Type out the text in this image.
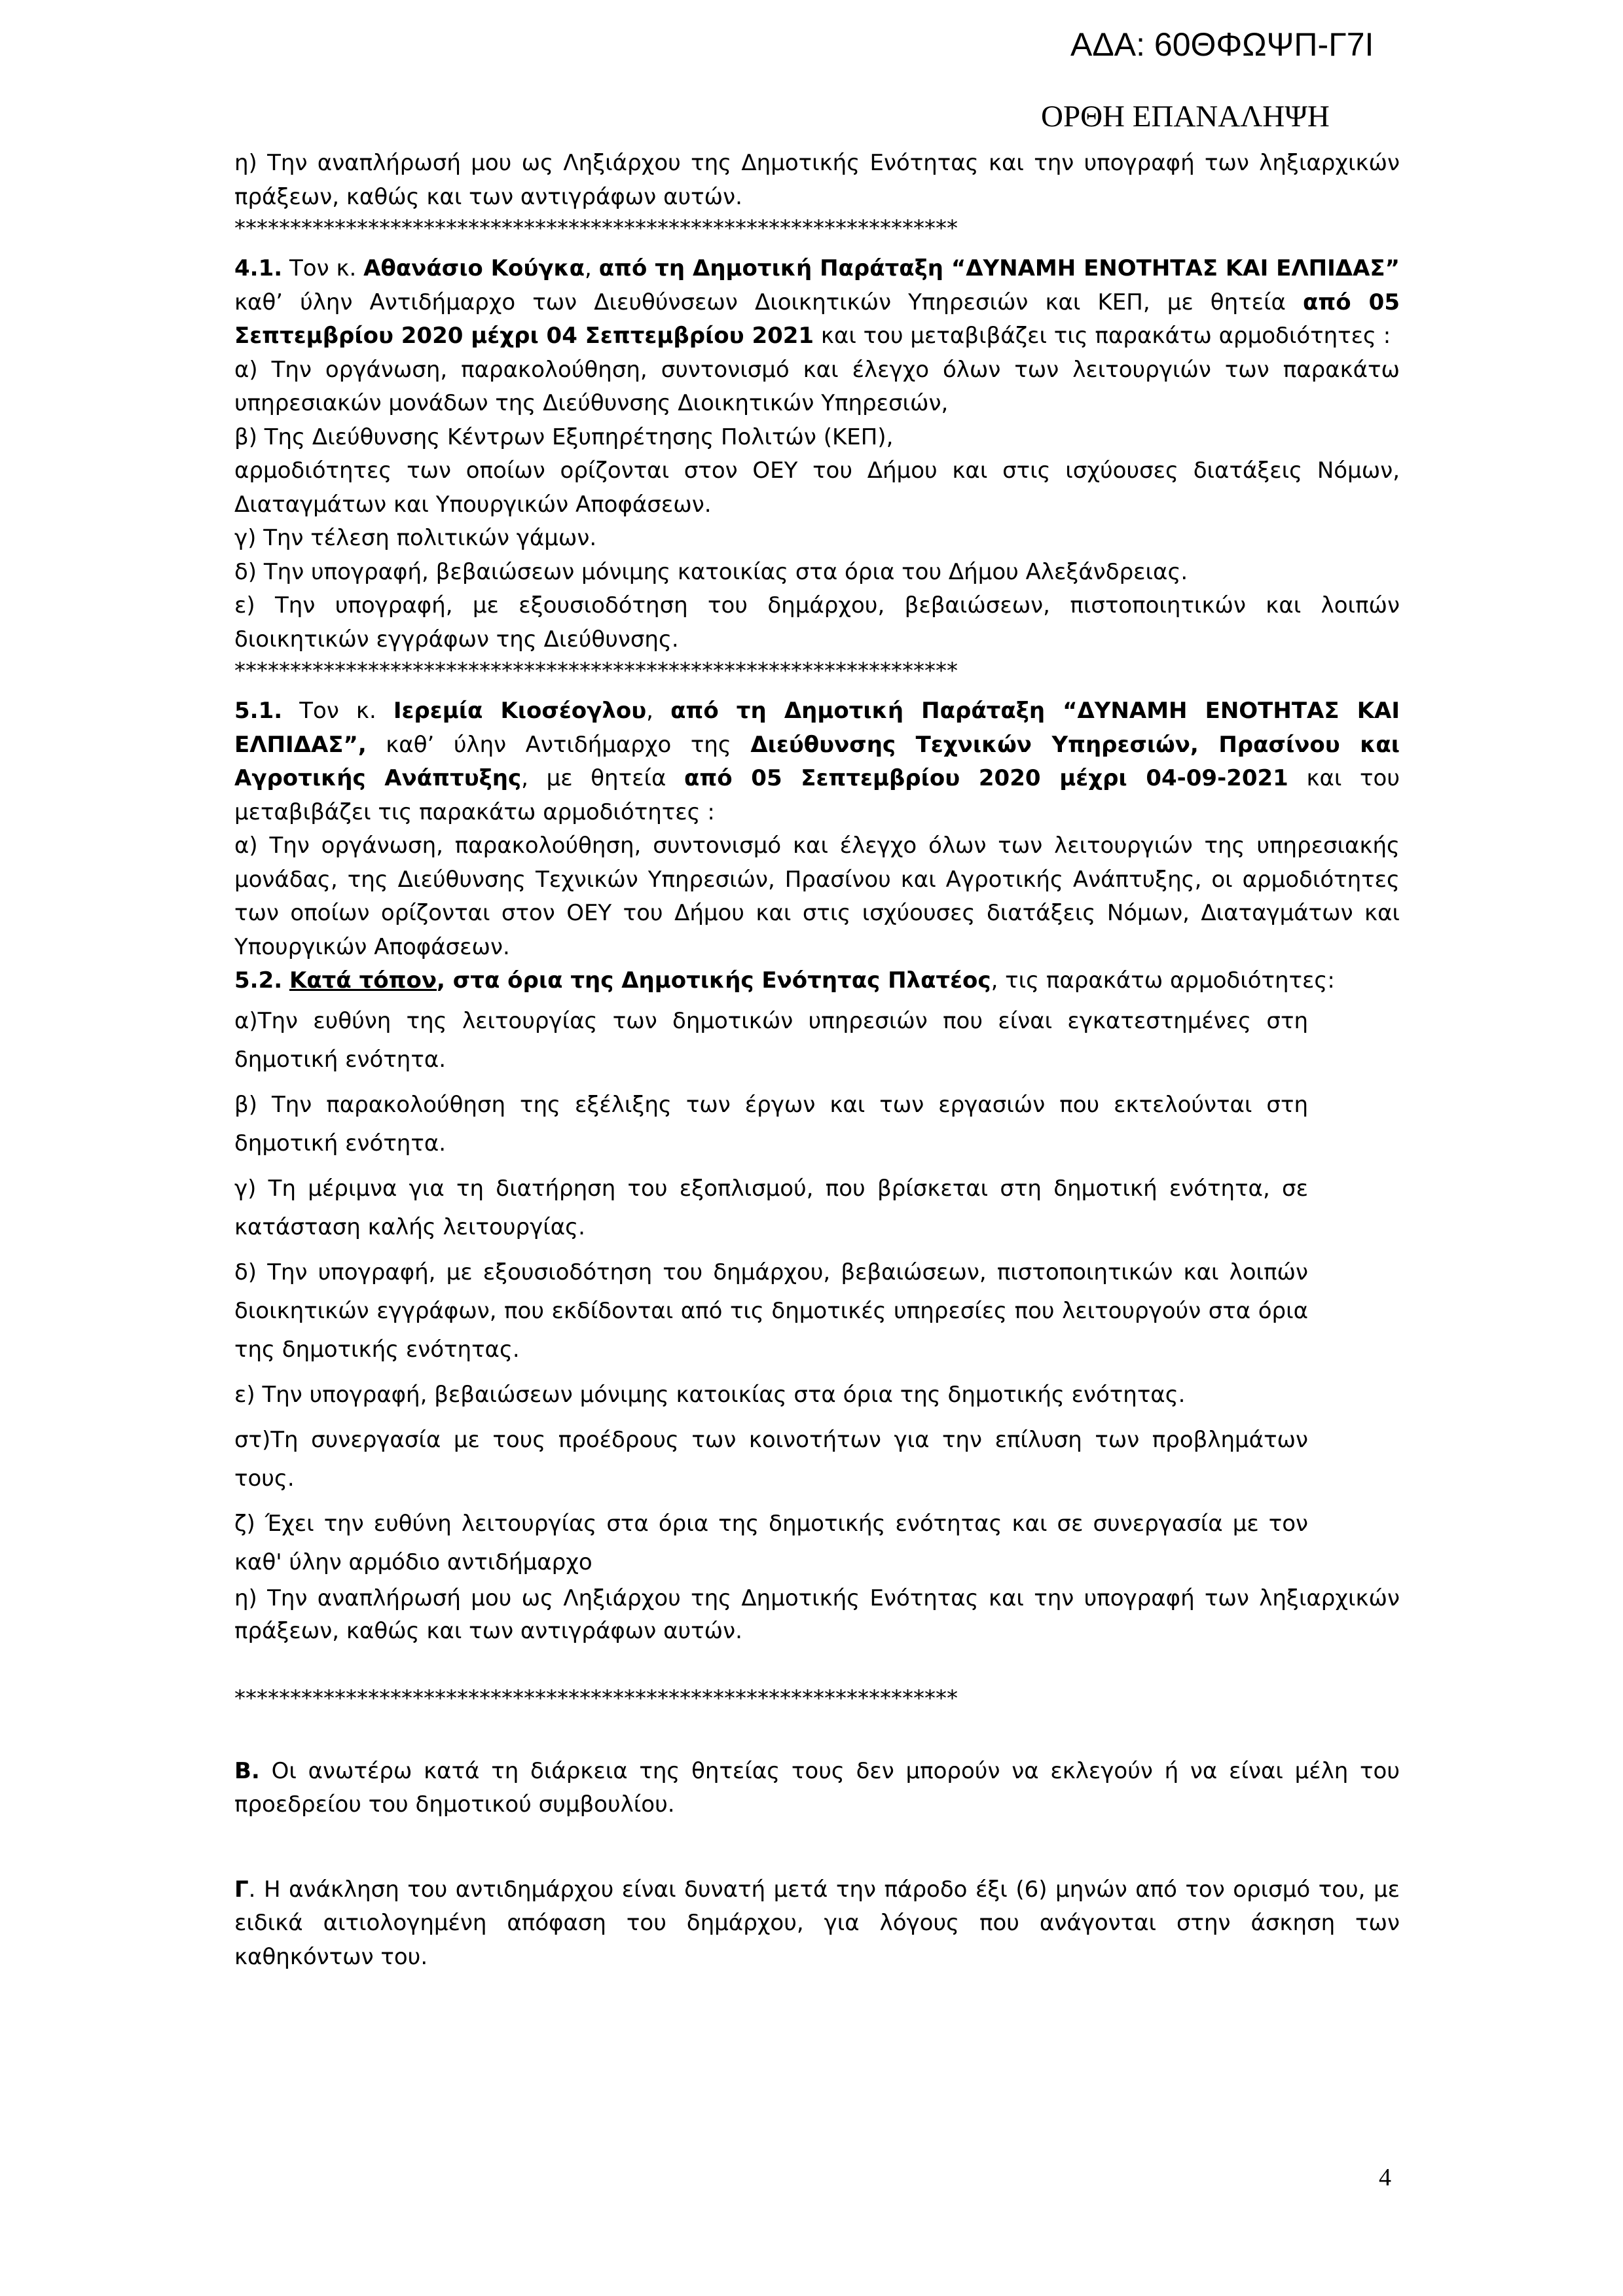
ΑΔΑ: 60ΘΦΩΨΠ-Γ7Ι
ΟΡΘΗ ΕΠΑΝΑΛΗΨΗ

η) Την αναπλήρωσή μου ως Ληξιάρχου της Δημοτικής Ενότητας και την υπογραφή των ληξιαρχικών πράξεων, καθώς και των αντιγράφων αυτών.

*****************************************************************

4.1. Τον κ. Αθανάσιο Κούγκα, από τη Δημοτική Παράταξη “ΔΥΝΑΜΗ ΕΝΟΤΗΤΑΣ ΚΑΙ ΕΛΠΙΔΑΣ” καθ’ ύλην Αντιδήμαρχο των Διευθύνσεων Διοικητικών Υπηρεσιών και ΚΕΠ, με θητεία από 05 Σεπτεμβρίου 2020 μέχρι 04 Σεπτεμβρίου 2021 και του μεταβιβάζει τις παρακάτω αρμοδιότητες :

α) Την οργάνωση, παρακολούθηση, συντονισμό και έλεγχο όλων των λειτουργιών των παρακάτω υπηρεσιακών μονάδων της Διεύθυνσης Διοικητικών Υπηρεσιών,

β) Της Διεύθυνσης Κέντρων Εξυπηρέτησης Πολιτών (ΚΕΠ),

αρμοδιότητες των οποίων ορίζονται στον ΟΕΥ του Δήμου και στις ισχύουσες διατάξεις Νόμων, Διαταγμάτων και Υπουργικών Αποφάσεων.

γ) Την τέλεση πολιτικών γάμων.

δ) Την υπογραφή, βεβαιώσεων μόνιμης κατοικίας στα όρια του Δήμου Αλεξάνδρειας.

ε) Την υπογραφή, με εξουσιοδότηση του δημάρχου, βεβαιώσεων, πιστοποιητικών και λοιπών διοικητικών εγγράφων της Διεύθυνσης.

*****************************************************************

5.1. Τον κ. Ιερεμία Κιοσέογλου, από τη Δημοτική Παράταξη “ΔΥΝΑΜΗ ΕΝΟΤΗΤΑΣ ΚΑΙ ΕΛΠΙΔΑΣ”, καθ’ ύλην Αντιδήμαρχο της Διεύθυνσης Τεχνικών Υπηρεσιών, Πρασίνου και Αγροτικής Ανάπτυξης, με θητεία από 05 Σεπτεμβρίου 2020 μέχρι 04-09-2021 και του μεταβιβάζει τις παρακάτω αρμοδιότητες :

α) Την οργάνωση, παρακολούθηση, συντονισμό και έλεγχο όλων των λειτουργιών της υπηρεσιακής μονάδας, της Διεύθυνσης Τεχνικών Υπηρεσιών, Πρασίνου και Αγροτικής Ανάπτυξης, οι αρμοδιότητες των οποίων ορίζονται στον ΟΕΥ του Δήμου και στις ισχύουσες διατάξεις Νόμων, Διαταγμάτων και Υπουργικών Αποφάσεων.

5.2. Κατά τόπον, στα όρια της Δημοτικής Ενότητας Πλατέος, τις παρακάτω αρμοδιότητες:

α)Την ευθύνη της λειτουργίας των δημοτικών υπηρεσιών που είναι εγκατεστημένες στη δημοτική ενότητα.

β) Την παρακολούθηση της εξέλιξης των έργων και των εργασιών που εκτελούνται στη δημοτική ενότητα.

γ) Τη μέριμνα για τη διατήρηση του εξοπλισμού, που βρίσκεται στη δημοτική ενότητα, σε κατάσταση καλής λειτουργίας.

δ) Την υπογραφή, με εξουσιοδότηση του δημάρχου, βεβαιώσεων, πιστοποιητικών και λοιπών διοικητικών εγγράφων, που εκδίδονται από τις δημοτικές υπηρεσίες που λειτουργούν στα όρια της δημοτικής ενότητας.

ε) Την υπογραφή, βεβαιώσεων μόνιμης κατοικίας στα όρια της δημοτικής ενότητας.

στ)Τη συνεργασία με τους προέδρους των κοινοτήτων για την επίλυση των προβλημάτων τους.

ζ) Έχει την ευθύνη λειτουργίας στα όρια της δημοτικής ενότητας και σε συνεργασία με τον καθ' ύλην αρμόδιο αντιδήμαρχο

η) Την αναπλήρωσή μου ως Ληξιάρχου της Δημοτικής Ενότητας και την υπογραφή των ληξιαρχικών πράξεων, καθώς και των αντιγράφων αυτών.

*****************************************************************

Β. Οι ανωτέρω κατά τη διάρκεια της θητείας τους δεν μπορούν να εκλεγούν ή να είναι μέλη του προεδρείου του δημοτικού συμβουλίου.

Γ. Η ανάκληση του αντιδημάρχου είναι δυνατή μετά την πάροδο έξι (6) μηνών από τον ορισμό του, με ειδικά αιτιολογημένη απόφαση του δημάρχου, για λόγους που ανάγονται στην άσκηση των καθηκόντων του.

4
